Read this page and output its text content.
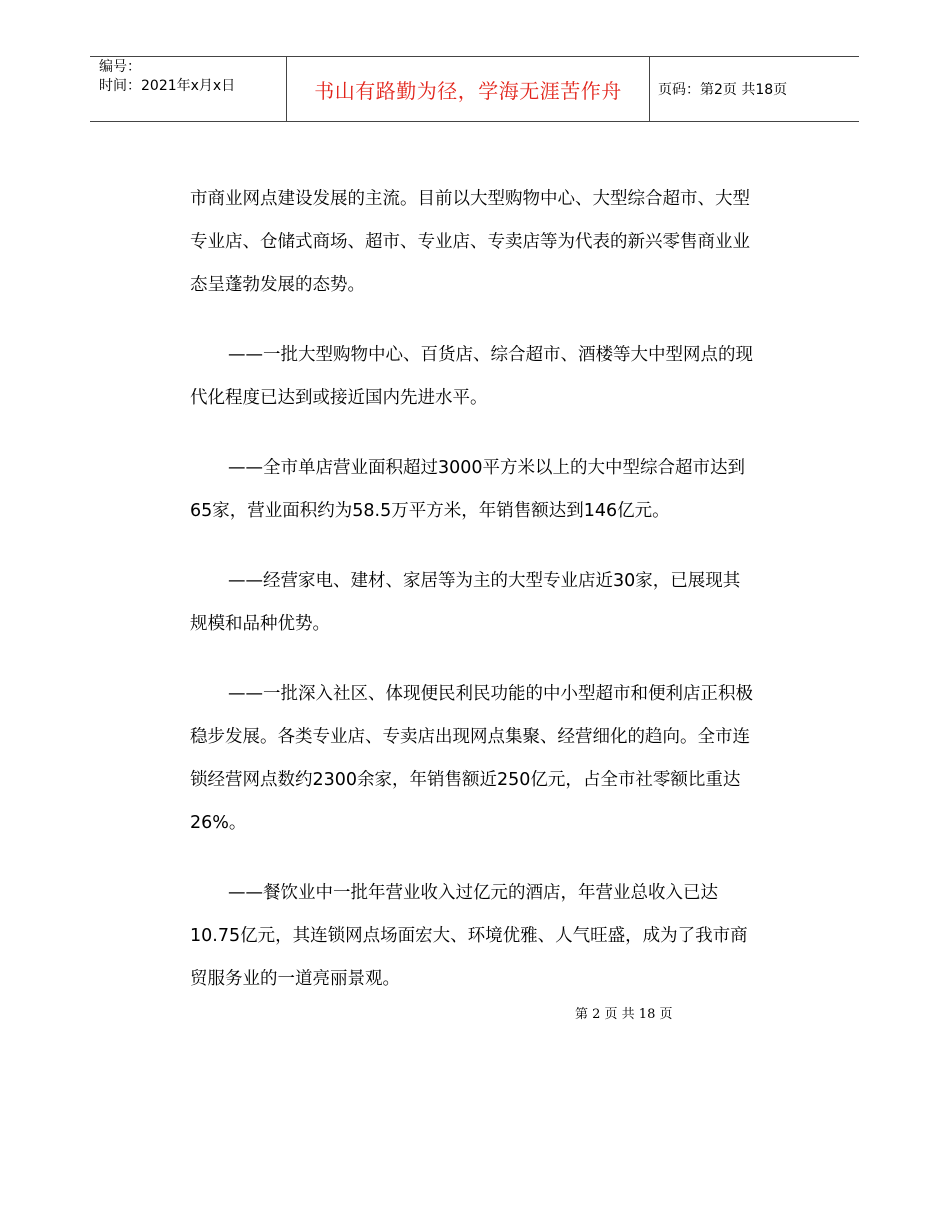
编号：
时间：2021年x月x日	书山有路勤为径，学海无涯苦作舟	页码：第2页 共18页

市商业网点建设发展的主流。目前以大型购物中心、大型综合超市、大型专业店、仓储式商场、超市、专业店、专卖店等为代表的新兴零售商业业态呈蓬勃发展的态势。

——一批大型购物中心、百货店、综合超市、酒楼等大中型网点的现代化程度已达到或接近国内先进水平。

——全市单店营业面积超过3000平方米以上的大中型综合超市达到65家，营业面积约为58.5万平方米，年销售额达到146亿元。

——经营家电、建材、家居等为主的大型专业店近30家，已展现其规模和品种优势。

——一批深入社区、体现便民利民功能的中小型超市和便利店正积极稳步发展。各类专业店、专卖店出现网点集聚、经营细化的趋向。全市连锁经营网点数约2300余家，年销售额近250亿元，占全市社零额比重达26%。

——餐饮业中一批年营业收入过亿元的酒店，年营业总收入已达10.75亿元，其连锁网点场面宏大、环境优雅、人气旺盛，成为了我市商贸服务业的一道亮丽景观。

第 2 页 共 18 页
